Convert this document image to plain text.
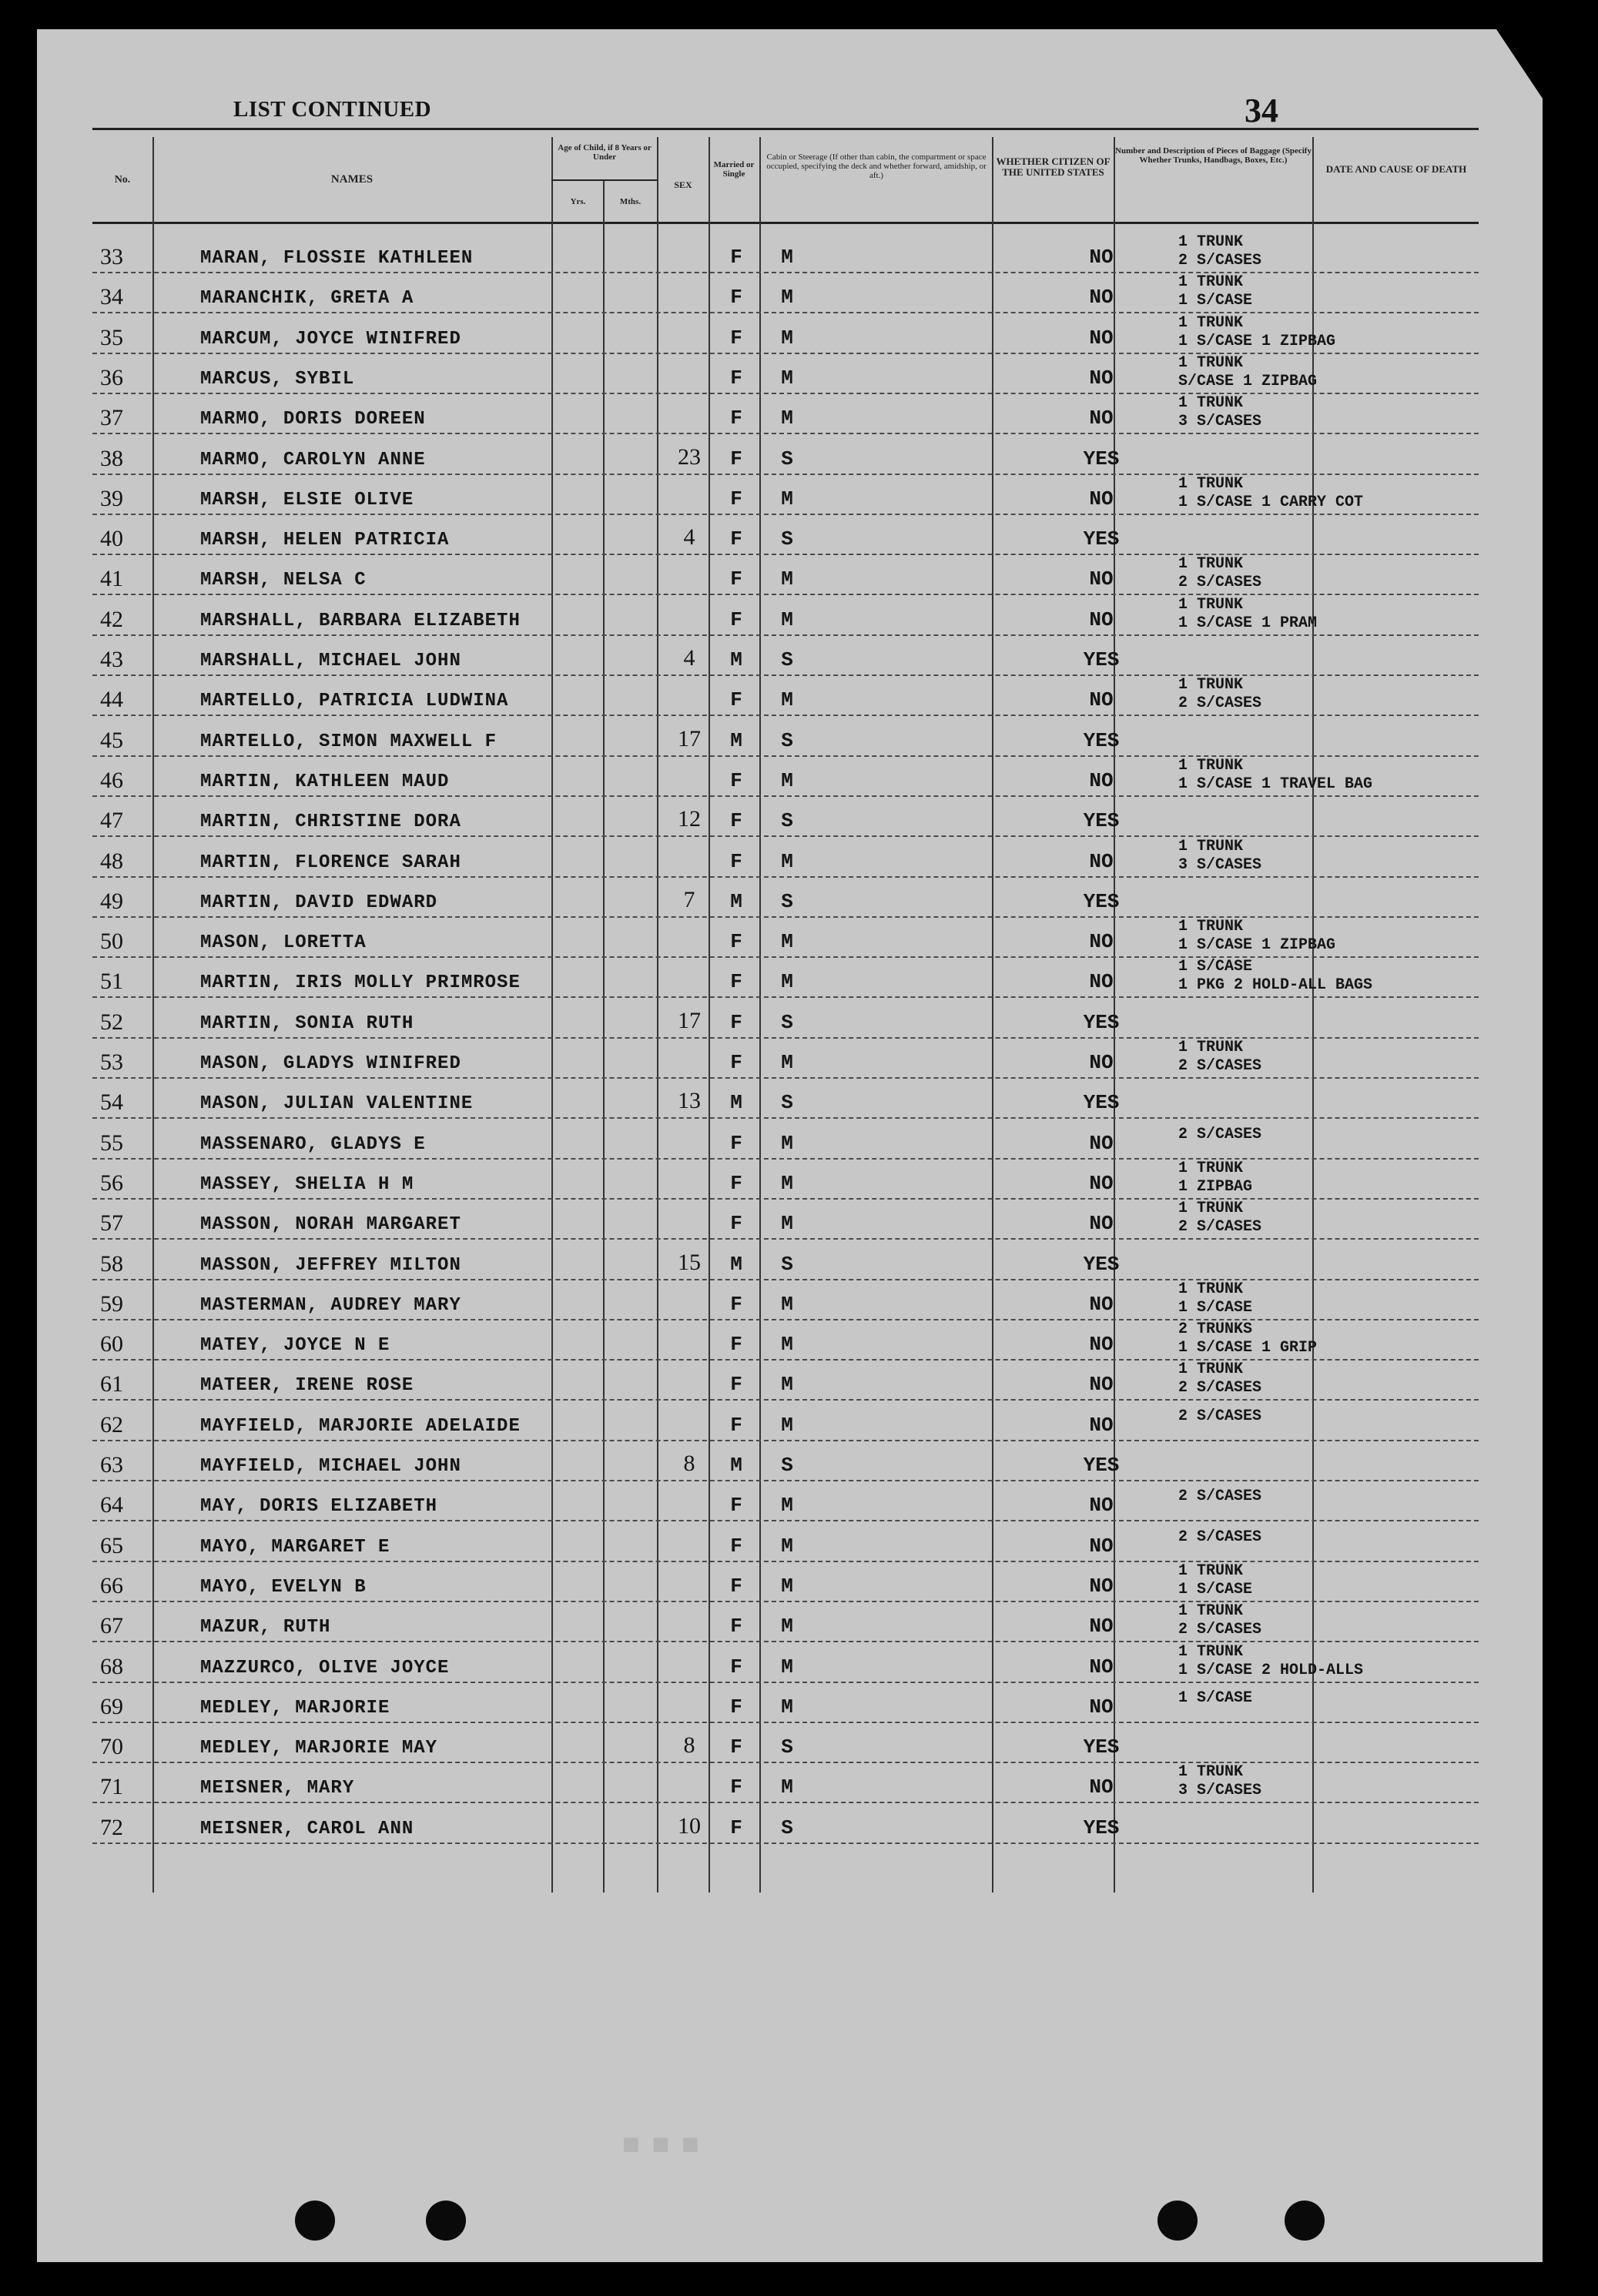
LIST CONTINUED	34
No.	NAMES
Age of Child, if 8 Years or Under
Yrs.	Mths.
SEX
Married or Single
Cabin or Steerage (If other than cabin, the compartment or space occupied, specifying the deck and whether forward, amidship, or aft.)
WHETHER CITIZEN OF THE UNITED STATES
Number and Description of Pieces of Baggage (Specify Whether Trunks, Handbags, Boxes, Etc.)
DATE AND CAUSE OF DEATH
33	MARAN, FLOSSIE KATHLEEN	F	M	NO
1 TRUNK
2 S/CASES
34	MARANCHIK, GRETA A	F	M	NO
1 TRUNK
1 S/CASE
35	MARCUM, JOYCE WINIFRED	F	M	NO
1 TRUNK
1 S/CASE 1 ZIPBAG
36	MARCUS, SYBIL	F	M	NO
1 TRUNK
S/CASE 1 ZIPBAG
37	MARMO, DORIS DOREEN	F	M	NO
1 TRUNK
3 S/CASES
38	MARMO, CAROLYN ANNE	23	F	S	YES
39	MARSH, ELSIE OLIVE	F	M	NO
1 TRUNK
1 S/CASE 1 CARRY COT
40	MARSH, HELEN PATRICIA	4	F	S	YES
41	MARSH, NELSA C	F	M	NO
1 TRUNK
2 S/CASES
42	MARSHALL, BARBARA ELIZABETH	F	M	NO
1 TRUNK
1 S/CASE 1 PRAM
43	MARSHALL, MICHAEL JOHN	4	M	S	YES
44	MARTELLO, PATRICIA LUDWINA	F	M	NO
1 TRUNK
2 S/CASES
45	MARTELLO, SIMON MAXWELL F	17	M	S	YES
46	MARTIN, KATHLEEN MAUD	F	M	NO
1 TRUNK
1 S/CASE 1 TRAVEL BAG
47	MARTIN, CHRISTINE DORA	12	F	S	YES
48	MARTIN, FLORENCE SARAH	F	M	NO
1 TRUNK
3 S/CASES
49	MARTIN, DAVID EDWARD	7	M	S	YES
50	MASON, LORETTA	F	M	NO
1 TRUNK
1 S/CASE 1 ZIPBAG
51	MARTIN, IRIS MOLLY PRIMROSE	F	M	NO
1 S/CASE
1 PKG 2 HOLD-ALL BAGS
52	MARTIN, SONIA RUTH	17	F	S	YES
53	MASON, GLADYS WINIFRED	F	M	NO
1 TRUNK
2 S/CASES
54	MASON, JULIAN VALENTINE	13	M	S	YES
55	MASSENARO, GLADYS E	F	M	NO	2 S/CASES
56	MASSEY, SHELIA H M	F	M	NO
1 TRUNK
1 ZIPBAG
57	MASSON, NORAH MARGARET	F	M	NO
1 TRUNK
2 S/CASES
58	MASSON, JEFFREY MILTON	15	M	S	YES
59	MASTERMAN, AUDREY MARY	F	M	NO
1 TRUNK
1 S/CASE
60	MATEY, JOYCE N E	F	M	NO
2 TRUNKS
1 S/CASE 1 GRIP
61	MATEER, IRENE ROSE	F	M	NO
1 TRUNK
2 S/CASES
62	MAYFIELD, MARJORIE ADELAIDE	F	M	NO	2 S/CASES
63	MAYFIELD, MICHAEL JOHN	8	M	S	YES
64	MAY, DORIS ELIZABETH	F	M	NO	2 S/CASES
65	MAYO, MARGARET E	F	M	NO	2 S/CASES
66	MAYO, EVELYN B	F	M	NO
1 TRUNK
1 S/CASE
67	MAZUR, RUTH	F	M	NO
1 TRUNK
2 S/CASES
68	MAZZURCO, OLIVE JOYCE	F	M	NO
1 TRUNK
1 S/CASE 2 HOLD-ALLS
69	MEDLEY, MARJORIE	F	M	NO	1 S/CASE
70	MEDLEY, MARJORIE MAY	8	F	S	YES
71	MEISNER, MARY	F	M	NO
1 TRUNK
3 S/CASES
72	MEISNER, CAROL ANN	10	F	S	YES
■ ■ ■
